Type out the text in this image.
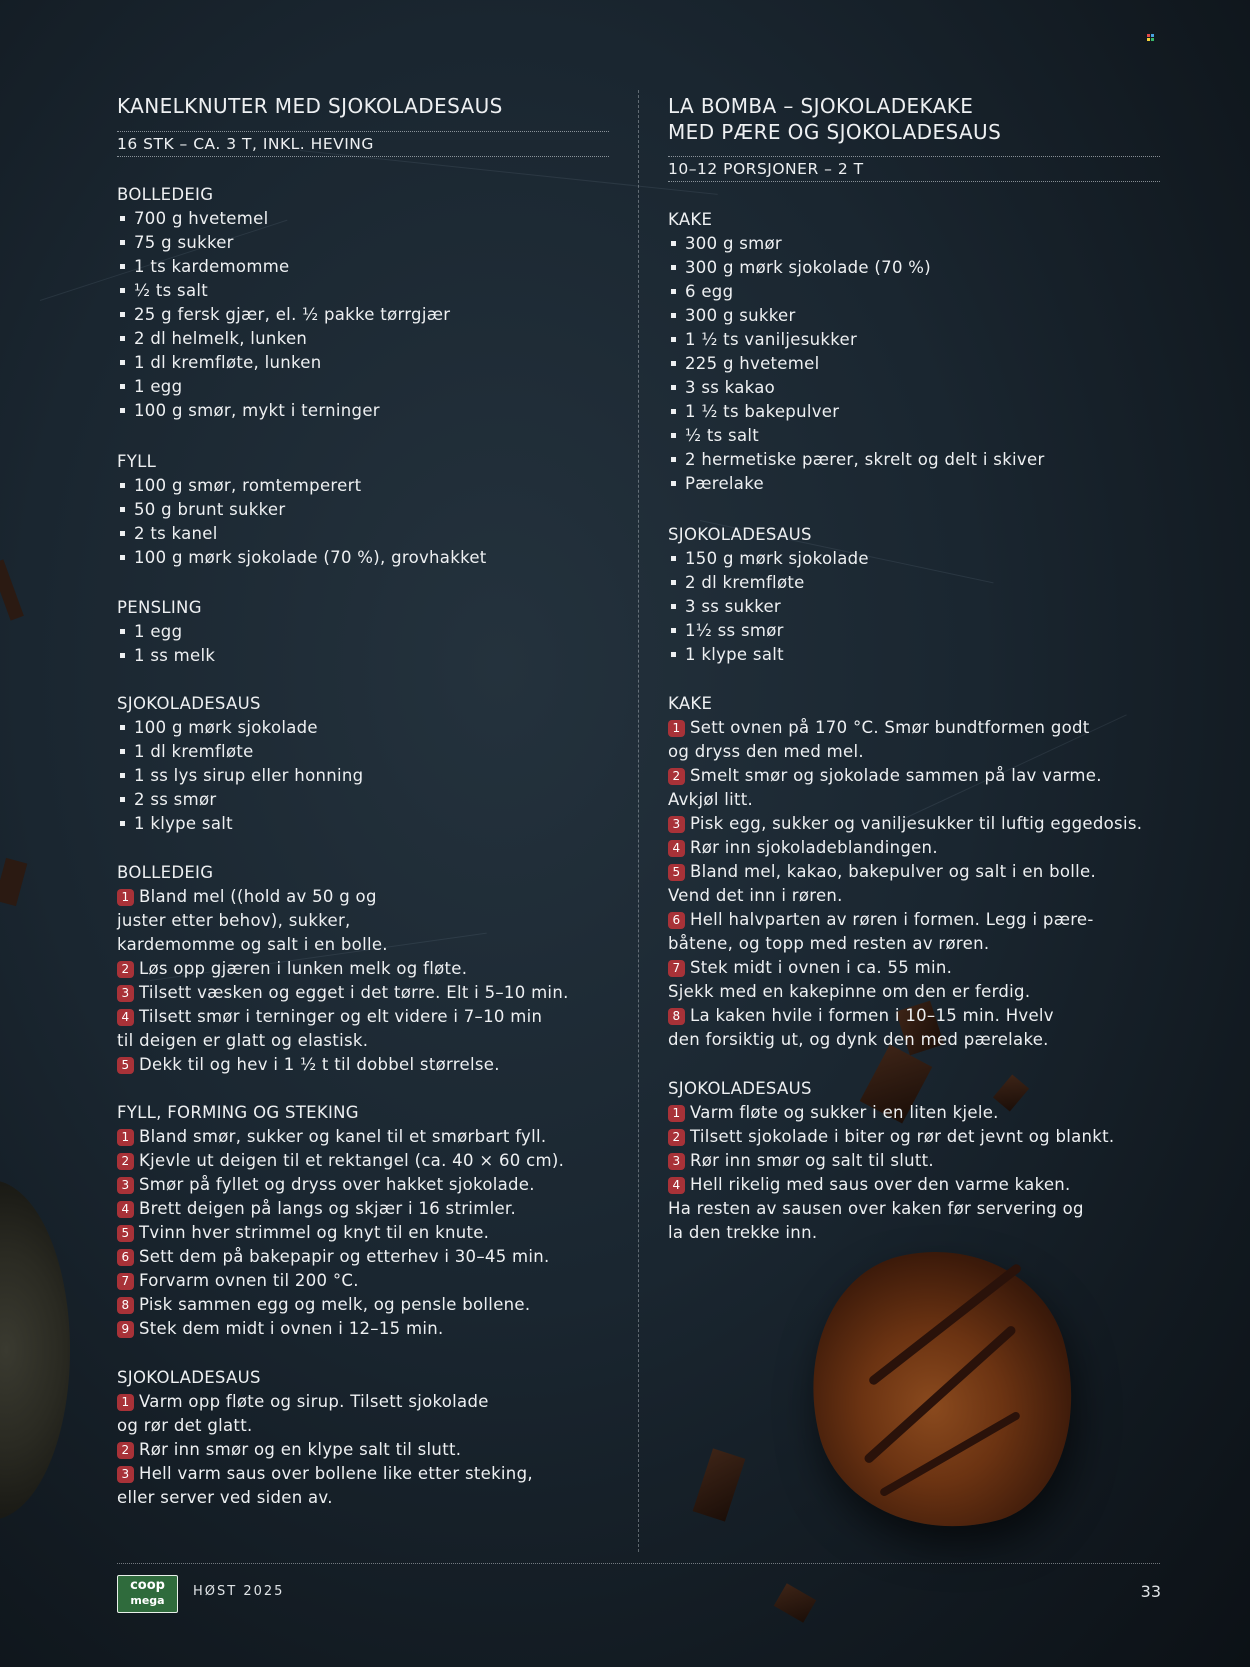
KANELKNUTER MED SJOKOLADESAUS
16 STK – CA. 3 T, INKL. HEVING
BOLLEDEIG
700 g hvetemel
75 g sukker
1 ts kardemomme
½ ts salt
25 g fersk gjær, el. ½ pakke tørrgjær
2 dl helmelk, lunken
1 dl kremfløte, lunken
1 egg
100 g smør, mykt i terninger
FYLL
100 g smør, romtemperert
50 g brunt sukker
2 ts kanel
100 g mørk sjokolade (70 %), grovhakket
PENSLING
1 egg
1 ss melk
SJOKOLADESAUS
100 g mørk sjokolade
1 dl kremfløte
1 ss lys sirup eller honning
2 ss smør
1 klype salt
BOLLEDEIG
1 Bland mel ((hold av 50 g og
juster etter behov), sukker,
kardemomme og salt i en bolle.
2 Løs opp gjæren i lunken melk og fløte.
3 Tilsett væsken og egget i det tørre. Elt i 5–10 min.
4 Tilsett smør i terninger og elt videre i 7–10 min
til deigen er glatt og elastisk.
5 Dekk til og hev i 1 ½ t til dobbel størrelse.
FYLL, FORMING OG STEKING
1 Bland smør, sukker og kanel til et smørbart fyll.
2 Kjevle ut deigen til et rektangel (ca. 40 × 60 cm).
3 Smør på fyllet og dryss over hakket sjokolade.
4 Brett deigen på langs og skjær i 16 strimler.
5 Tvinn hver strimmel og knyt til en knute.
6 Sett dem på bakepapir og etterhev i 30–45 min.
7 Forvarm ovnen til 200 °C.
8 Pisk sammen egg og melk, og pensle bollene.
9 Stek dem midt i ovnen i 12–15 min.
SJOKOLADESAUS
1 Varm opp fløte og sirup. Tilsett sjokolade
og rør det glatt.
2 Rør inn smør og en klype salt til slutt.
3 Hell varm saus over bollene like etter steking,
eller server ved siden av.
LA BOMBA – SJOKOLADEKAKE
MED PÆRE OG SJOKOLADESAUS
10–12 PORSJONER – 2 T
KAKE
300 g smør
300 g mørk sjokolade (70 %)
6 egg
300 g sukker
1 ½ ts vaniljesukker
225 g hvetemel
3 ss kakao
1 ½ ts bakepulver
½ ts salt
2 hermetiske pærer, skrelt og delt i skiver
Pærelake
SJOKOLADESAUS
150 g mørk sjokolade
2 dl kremfløte
3 ss sukker
1½ ss smør
1 klype salt
KAKE
1 Sett ovnen på 170 °C. Smør bundtformen godt
og dryss den med mel.
2 Smelt smør og sjokolade sammen på lav varme.
Avkjøl litt.
3 Pisk egg, sukker og vaniljesukker til luftig eggedosis.
4 Rør inn sjokoladeblandingen.
5 Bland mel, kakao, bakepulver og salt i en bolle.
Vend det inn i røren.
6 Hell halvparten av røren i formen. Legg i pære-
båtene, og topp med resten av røren.
7 Stek midt i ovnen i ca. 55 min.
Sjekk med en kakepinne om den er ferdig.
8 La kaken hvile i formen i 10–15 min. Hvelv
den forsiktig ut, og dynk den med pærelake.
SJOKOLADESAUS
1 Varm fløte og sukker i en liten kjele.
2 Tilsett sjokolade i biter og rør det jevnt og blankt.
3 Rør inn smør og salt til slutt.
4 Hell rikelig med saus over den varme kaken.
Ha resten av sausen over kaken før servering og
la den trekke inn.
coop
mega
HØST 2025	33
